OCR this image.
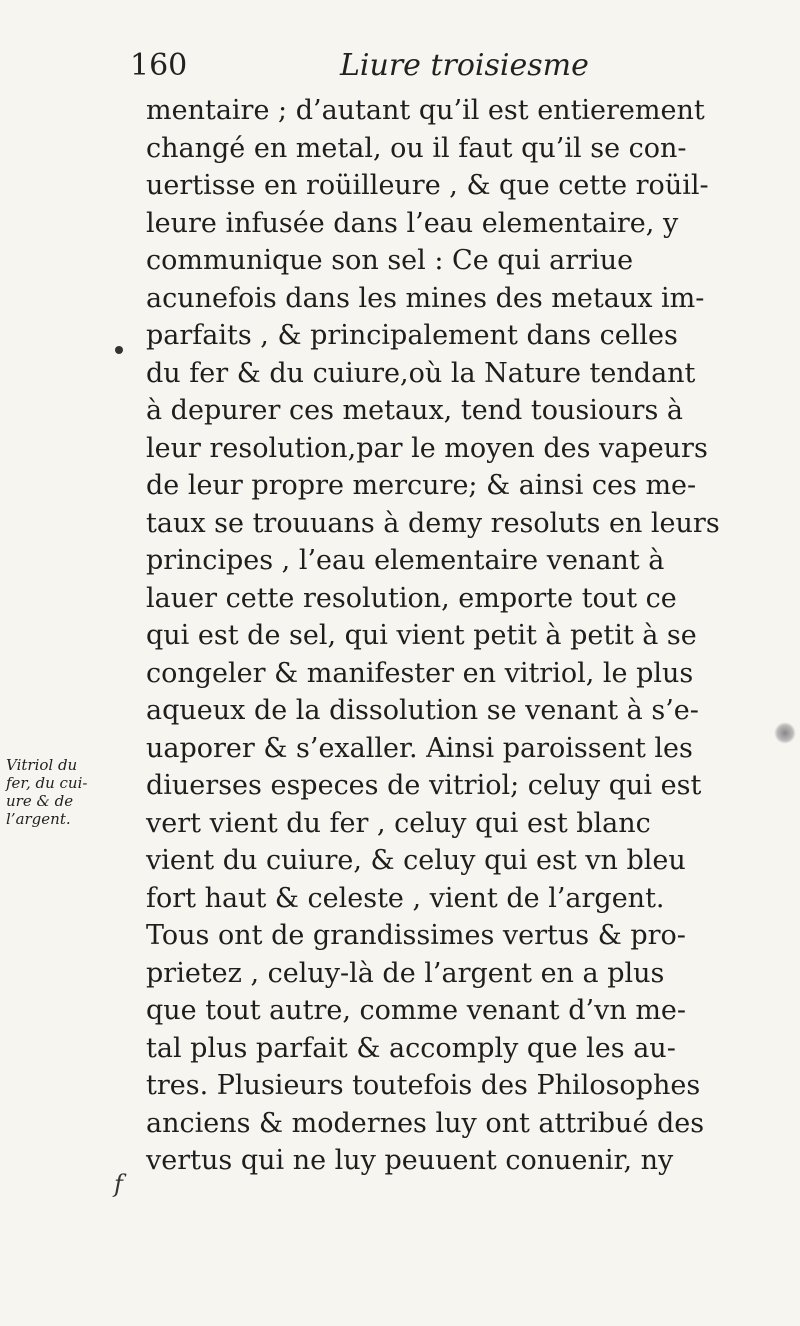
160	Liure troisiesme
mentaire ; d’autant qu’il est entierement
changé en metal, ou il faut qu’il se con-
uertisse en roüilleure , & que cette roüil-
leure infusée dans l’eau elementaire, y
communique son sel : Ce qui arriue
acunefois dans les mines des metaux im-
parfaits , & principalement dans celles
du fer & du cuiure,où la Nature tendant
à depurer ces metaux, tend tousiours à
leur resolution,par le moyen des vapeurs
de leur propre mercure; & ainsi ces me-
taux se trouuans à demy resoluts en leurs
principes , l’eau elementaire venant à
lauer cette resolution, emporte tout ce
qui est de sel, qui vient petit à petit à se
congeler & manifester en vitriol, le plus
aqueux de la dissolution se venant à s’e-
uaporer & s’exaller. Ainsi paroissent les
diuerses especes de vitriol; celuy qui est
vert vient du fer , celuy qui est blanc
vient du cuiure, & celuy qui est vn bleu
fort haut & celeste , vient de l’argent.
Tous ont de grandissimes vertus & pro-
prietez , celuy-là de l’argent en a plus
que tout autre, comme venant d’vn me-
tal plus parfait & accomply que les au-
tres. Plusieurs toutefois des Philosophes
anciens & modernes luy ont attribué des
vertus qui ne luy peuuent conuenir, ny
Vitriol du
fer, du cui-
ure & de
l’argent.
f
